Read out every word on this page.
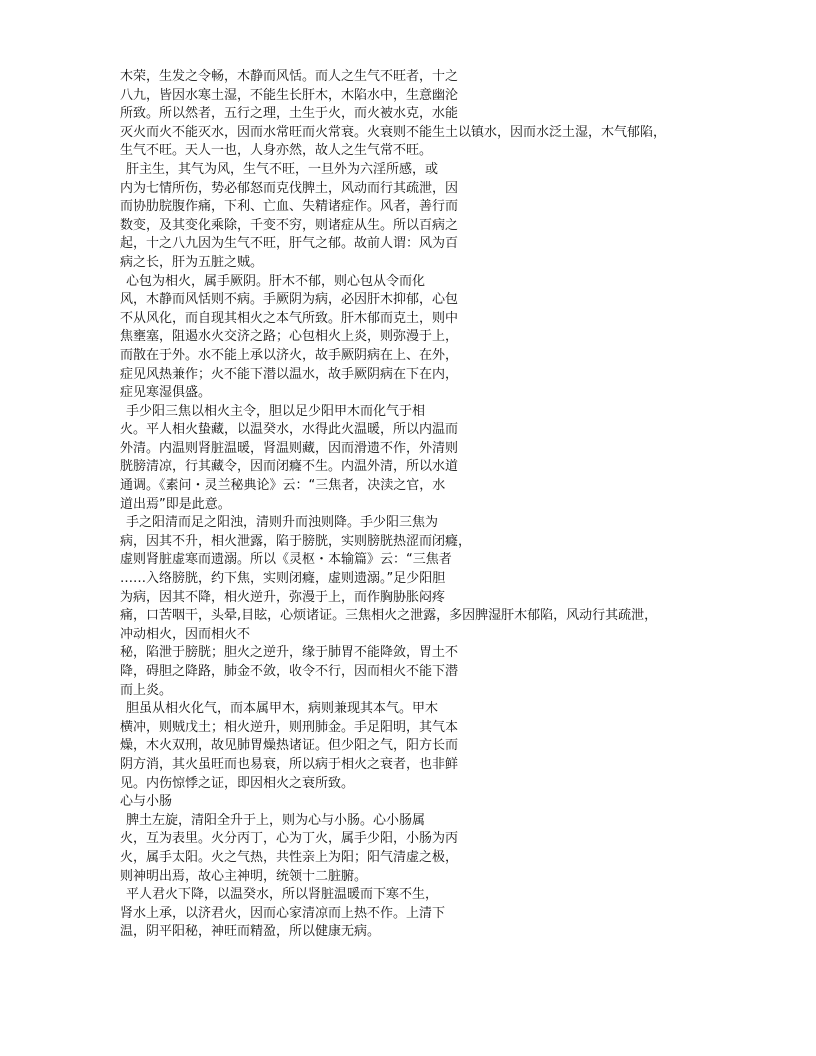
木荣，生发之令畅，木静而风恬。而人之生气不旺者，十之
八九，皆因水寒土湿，不能生长肝木，木陷水中，生意幽沦
所致。所以然者，五行之理，土生于火，而火被水克，水能
灭火而火不能灭水，因而水常旺而火常衰。火衰则不能生土以镇水，因而水泛土湿，木气郁陷，
生气不旺。天人一也，人身亦然，故人之生气常不旺。
肝主生，其气为风，生气不旺，一旦外为六淫所感，或
内为七情所伤，势必郁怒而克伐脾土，风动而行其疏泄，因
而协肋脘腹作痛，下利、亡血、失精诸症作。风者，善行而
数变，及其变化乘除，千变不穷，则诸症从生。所以百病之
起，十之八九因为生气不旺，肝气之郁。故前人谓：风为百
病之长，肝为五脏之贼。
心包为相火，属手厥阴。肝木不郁，则心包从令而化
风，木静而风恬则不病。手厥阴为病，必因肝木抑郁，心包
不从风化，而自现其相火之本气所致。肝木郁而克土，则中
焦壅塞，阻遏水火交济之路；心包相火上炎，则弥漫于上，
而散在于外。水不能上承以济火，故手厥阴病在上、在外，
症见风热兼作；火不能下潜以温水，故手厥阴病在下在内，
症见寒湿俱盛。
手少阳三焦以相火主令，胆以足少阳甲木而化气于相
火。平人相火蛰藏，以温癸水，水得此火温暖，所以内温而
外清。内温则肾脏温暖，肾温则藏，因而滑遗不作，外清则
胱膀清凉，行其藏令，因而闭癃不生。内温外清，所以水道
通调。《素问・灵兰秘典论》云：“三焦者，决渎之官，水
道出焉”即是此意。
手之阳清而足之阳浊，清则升而浊则降。手少阳三焦为
病，因其不升，相火泄露，陷于膀胱，实则膀胱热涩而闭癃，
虚则肾脏虚寒而遗溺。所以《灵枢・本输篇》云：“三焦者
……入络膀胱，约下焦，实则闭癃，虚则遗溺。”足少阳胆
为病，因其不降，相火逆升，弥漫于上，而作胸胁胀闷疼
痛，口苦咽干，头晕,目眩，心烦诸证。三焦相火之泄露，多因脾湿肝木郁陷，风动行其疏泄，
冲动相火，因而相火不
秘，陷泄于膀胱；胆火之逆升，缘于肺胃不能降敛，胃土不
降，碍胆之降路，肺金不敛，收令不行，因而相火不能下潜
而上炎。
胆虽从相火化气，而本属甲木，病则兼现其本气。甲木
横冲，则贼戊土；相火逆升，则刑肺金。手足阳明，其气本
燥，木火双刑，故见肺胃燥热诸证。但少阳之气，阳方长而
阴方消，其火虽旺而也易衰，所以病于相火之衰者，也非鲜
见。内伤惊悸之证，即因相火之衰所致。
心与小肠
脾土左旋，清阳全升于上，则为心与小肠。心小肠属
火，互为表里。火分丙丁，心为丁火，属手少阳，小肠为丙
火，属手太阳。火之气热，共性亲上为阳；阳气清虚之极，
则神明出焉，故心主神明，统领十二脏腑。
平人君火下降，以温癸水，所以肾脏温暖而下寒不生，
肾水上承，以济君火，因而心家清凉而上热不作。上清下
温，阴平阳秘，神旺而精盈，所以健康无病。
